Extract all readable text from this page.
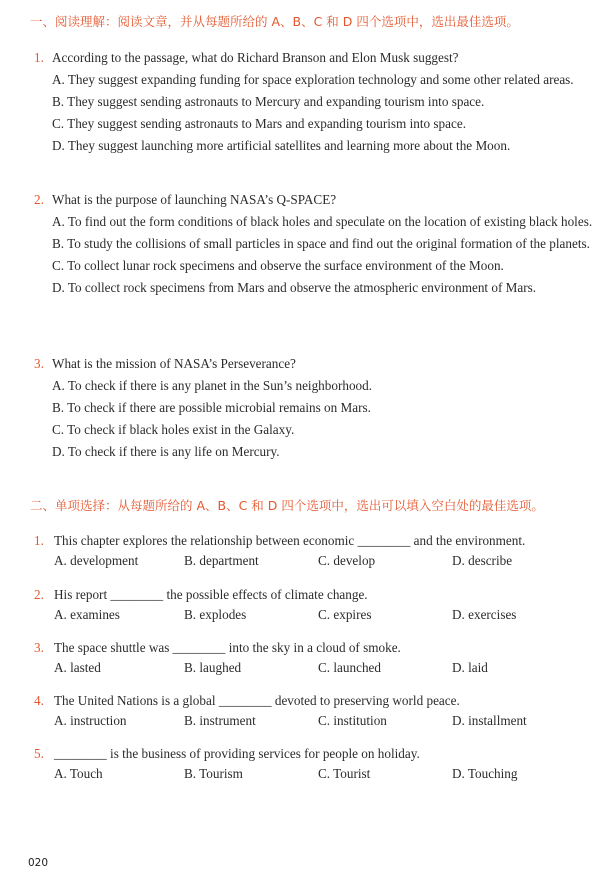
一、阅读理解：阅读文章，并从每题所给的 A、B、C 和 D 四个选项中，选出最佳选项。
1. According to the passage, what do Richard Branson and Elon Musk suggest?
A. They suggest expanding funding for space exploration technology and some other related areas.
B. They suggest sending astronauts to Mercury and expanding tourism into space.
C. They suggest sending astronauts to Mars and expanding tourism into space.
D. They suggest launching more artificial satellites and learning more about the Moon.
2. What is the purpose of launching NASA’s Q-SPACE?
A. To find out the form conditions of black holes and speculate on the location of existing black holes.
B. To study the collisions of small particles in space and find out the original formation of the planets.
C. To collect lunar rock specimens and observe the surface environment of the Moon.
D. To collect rock specimens from Mars and observe the atmospheric environment of Mars.
3. What is the mission of NASA’s Perseverance?
A. To check if there is any planet in the Sun’s neighborhood.
B. To check if there are possible microbial remains on Mars.
C. To check if black holes exist in the Galaxy.
D. To check if there is any life on Mercury.
二、单项选择：从每题所给的 A、B、C 和 D 四个选项中，选出可以填入空白处的最佳选项。
1. This chapter explores the relationship between economic ________ and the environment.
A. development	B. department	C. develop	D. describe
2. His report ________ the possible effects of climate change.
A. examines	B. explodes	C. expires	D. exercises
3. The space shuttle was ________ into the sky in a cloud of smoke.
A. lasted	B. laughed	C. launched	D. laid
4. The United Nations is a global ________ devoted to preserving world peace.
A. instruction	B. instrument	C. institution	D. installment
5. ________ is the business of providing services for people on holiday.
A. Touch	B. Tourism	C. Tourist	D. Touching
020
